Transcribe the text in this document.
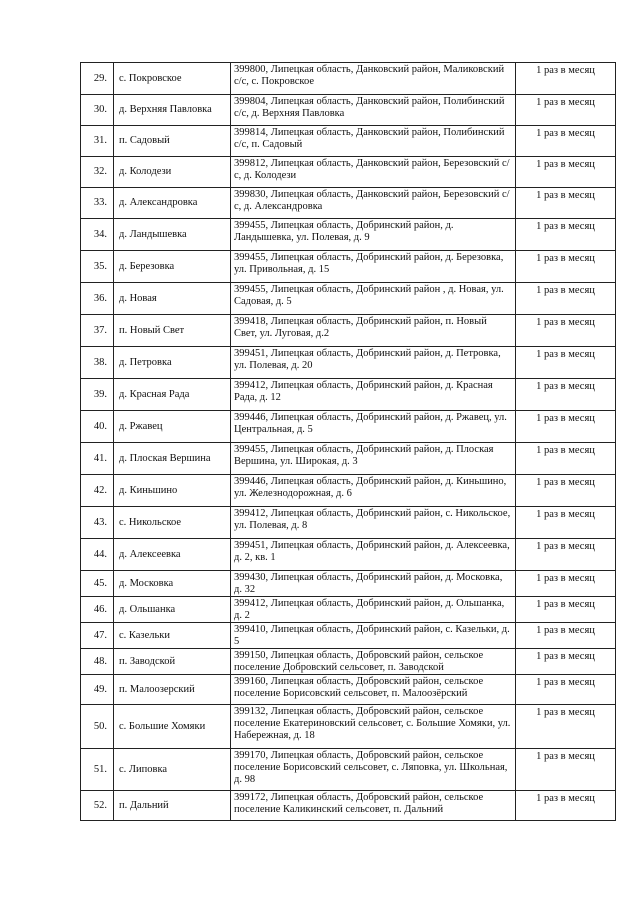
29.	с. Покровское	399800, Липецкая область, Данковский район, Маликовский с/с, с. Покровское	1 раз в месяц
30.	д. Верхняя Павловка	399804, Липецкая область, Данковский район, Полибинский с/с, д. Верхняя Павловка	1 раз в месяц
31.	п. Садовый	399814, Липецкая область, Данковский район, Полибинский с/с, п. Садовый	1 раз в месяц
32.	д. Колодези	399812, Липецкая область, Данковский район, Березовский с/с, д. Колодези	1 раз в месяц
33.	д. Александровка	399830, Липецкая область, Данковский район, Березовский с/с, д. Александровка	1 раз в месяц
34.	д. Ландышевка	399455, Липецкая область, Добринский район, д. Ландышевка, ул. Полевая, д. 9	1 раз в месяц
35.	д. Березовка	399455, Липецкая область, Добринский район, д. Березовка, ул. Привольная, д. 15	1 раз в месяц
36.	д. Новая	399455, Липецкая область, Добринский район , д. Новая, ул. Садовая, д. 5	1 раз в месяц
37.	п. Новый Свет	399418, Липецкая область, Добринский район, п. Новый Свет, ул. Луговая, д.2	1 раз в месяц
38.	д. Петровка	399451, Липецкая область, Добринский район, д. Петровка, ул. Полевая, д. 20	1 раз в месяц
39.	д. Красная Рада	399412, Липецкая область, Добринский район, д. Красная Рада, д. 12	1 раз в месяц
40.	д. Ржавец	399446, Липецкая область, Добринский район, д. Ржавец, ул. Центральная, д. 5	1 раз в месяц
41.	д. Плоская Вершина	399455, Липецкая область, Добринский район, д. Плоская Вершина, ул. Широкая, д. 3	1 раз в месяц
42.	д. Киньшино	399446, Липецкая область, Добринский район, д. Киньшино, ул. Железнодорожная, д. 6	1 раз в месяц
43.	с. Никольское	399412, Липецкая область, Добринский район, с. Никольское, ул. Полевая, д. 8	1 раз в месяц
44.	д. Алексеевка	399451, Липецкая область, Добринский район, д. Алексеевка, д. 2, кв. 1	1 раз в месяц
45.	д. Московка	399430, Липецкая область, Добринский район, д. Московка, д. 32	1 раз в месяц
46.	д. Ольшанка	399412, Липецкая область, Добринский район, д. Ольшанка, д. 2	1 раз в месяц
47.	с. Казельки	399410, Липецкая область, Добринский район, с. Казельки, д. 5	1 раз в месяц
48.	п. Заводской	399150, Липецкая область, Добровский район, сельское поселение Добровский сельсовет, п. Заводской	1 раз в месяц
49.	п. Малоозерский	399160, Липецкая область, Добровский район, сельское поселение Борисовский сельсовет, п. Малоозёрский	1 раз в месяц
50.	с. Большие Хомяки	399132, Липецкая область, Добровский район, сельское поселение Екатериновский сельсовет, с. Большие Хомяки, ул. Набережная, д. 18	1 раз в месяц
51.	с. Липовка	399170, Липецкая область, Добровский район, сельское поселение Борисовский сельсовет, с. Ляповка, ул. Школьная, д. 98	1 раз в месяц
52.	п. Дальний	399172, Липецкая область, Добровский район, сельское поселение Каликинский сельсовет, п. Дальний	1 раз в месяц
